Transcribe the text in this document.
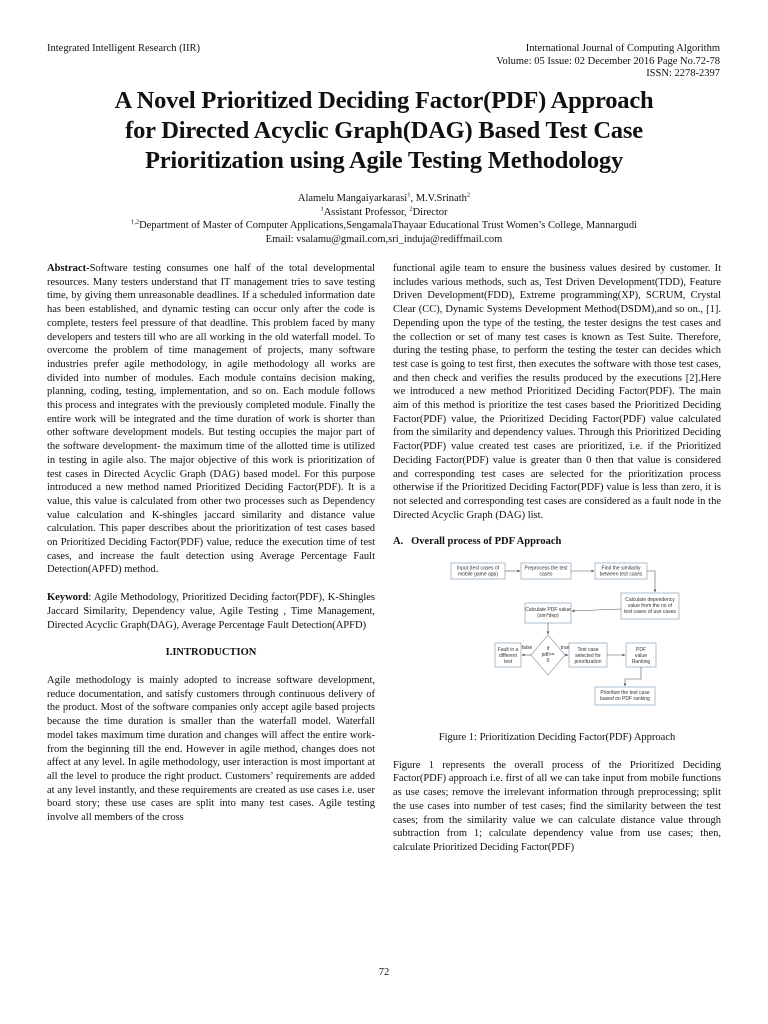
Integrated Intelligent Research (IIR)	International Journal of Computing Algorithm
Volume: 05 Issue: 02 December 2016 Page No.72-78
ISSN: 2278-2397
A Novel Prioritized Deciding Factor(PDF) Approach
for Directed Acyclic Graph(DAG) Based Test Case
Prioritization using Agile Testing Methodology
Alamelu Mangaiyarkarasi$^1$, M.V.Srinath$^2$
$^1$Assistant Professor, $^2$Director
$^{1,2}$Department of Master of Computer Applications,SengamalaThayaar Educational Trust Women’s College, Mannargudi
Email: vsalamu@gmail.com,sri_induja@rediffmail.com

Abstract-Software testing consumes one half of the total developmental resources. Many testers understand that IT management tries to save testing time, by giving them unreasonable deadlines. If a scheduled information date has been established, and dynamic testing can occur only after the code is complete, testers feel pressure of that deadline. This problem faced by many developers and testers till who are all working in the old waterfall model. To overcome the problem of time management of projects, many software industries prefer agile methodology, in agile methodology all works are divided into number of modules. Each module contains decision making, planning, coding, testing, implementation, and so on. Each module follows this process and integrates with the previously completed module. Finally the entire work will be integrated and the time duration of work is shorter than other software development models. But testing occupies the major part of the software development- the maximum time of the allotted time is utilized in testing in agile also. The major objective of this work is prioritization of test cases in Directed Acyclic Graph (DAG) based model. For this purpose introduced a new method named Prioritized Deciding Factor(PDF). It is a value, this value is calculated from other two processes such as Dependency value calculation and K-shingles jaccard similarity and distance value calculation. This paper describes about the prioritization of test cases based on Prioritized Deciding Factor(PDF) value, reduce the execution time of test cases, and increase the fault detection using Average Percentage Fault Detection(APFD) method.

Keyword: Agile Methodology, Prioritized Deciding factor(PDF), K-Shingles Jaccard Similarity, Dependency value, Agile Testing , Time Management, Directed Acyclic Graph(DAG), Average Percentage Fault Detection(APFD)

I.INTRODUCTION

Agile methodology is mainly adopted to increase software development, reduce documentation, and satisfy customers through continuous delivery of the product. Most of the software companies only accept agile based projects because the time duration is smaller than the waterfall model. Waterfall model takes maximum time duration and changes will affect the entire work- from the beginning till the end. However in agile method, changes does not affect at any level. In agile methodology, user interaction is most important at all the level to produce the right product. Customers’ requirements are added at any level instantly, and these requirements are created as use cases i.e. user board story; these use cases are split into many test cases. Agile testing involve all members of the cross

functional agile team to ensure the business values desired by customer. It includes various methods, such as, Test Driven Development(TDD), Feature Driven Development(FDD), Extreme programming(XP), SCRUM, Crystal Clear (CC), Dynamic Systems Development Method(DSDM),and so on., [1]. Depending upon the type of the testing, the tester designs the test cases and the collection or set of many test cases is known as Test Suite. Therefore, during the testing phase, to perform the testing the tester can decides which test case is going to test first, then executes the software with those test cases, and then check and verifies the results produced by the executions [2].Here we introduced a new method Prioritized Deciding Factor(PDF). The main aim of this method is prioritize the test cases based the Prioritized Deciding Factor(PDF) value, the Prioritized Deciding Factor(PDF) value calculated from the similarity and dependency values. Through this Prioritized Deciding Factor(PDF) value created test cases are prioritized, i.e. if the Prioritized Deciding Factor(PDF) value is greater than 0 then that value is considered and corresponding test cases are selected for the prioritization process otherwise if the Prioritized Deciding Factor(PDF) value is less than zero, it is not selected and corresponding test cases are considered as a fault node in the Directed Acyclic Graph (DAG) list.

A.   Overall process of PDF Approach
Input (test cases of mobile game app)
Preprocess the test cases
Find the similarity between test cases
Calculate dependency value from the no of test cases of use cases
Calculate PDF value (sim*dep)
if pdf>= 0
Fault in a different test
Test case selected for prioritization
PDF value Ranking
Prioritize the test case based on PDF ranking
true
false
Figure 1: Prioritization Deciding Factor(PDF) Approach

Figure 1 represents the overall process of the Prioritized Deciding Factor(PDF) approach i.e. first of all we can take input from mobile functions as use cases; remove the irrelevant information through preprocessing; split the use cases into number of test cases; find the similarity between the test cases; from the similarity value we can calculate distance value through subtraction from 1; calculate dependency value from use cases; then, calculate Prioritized Deciding Factor(PDF)

72
